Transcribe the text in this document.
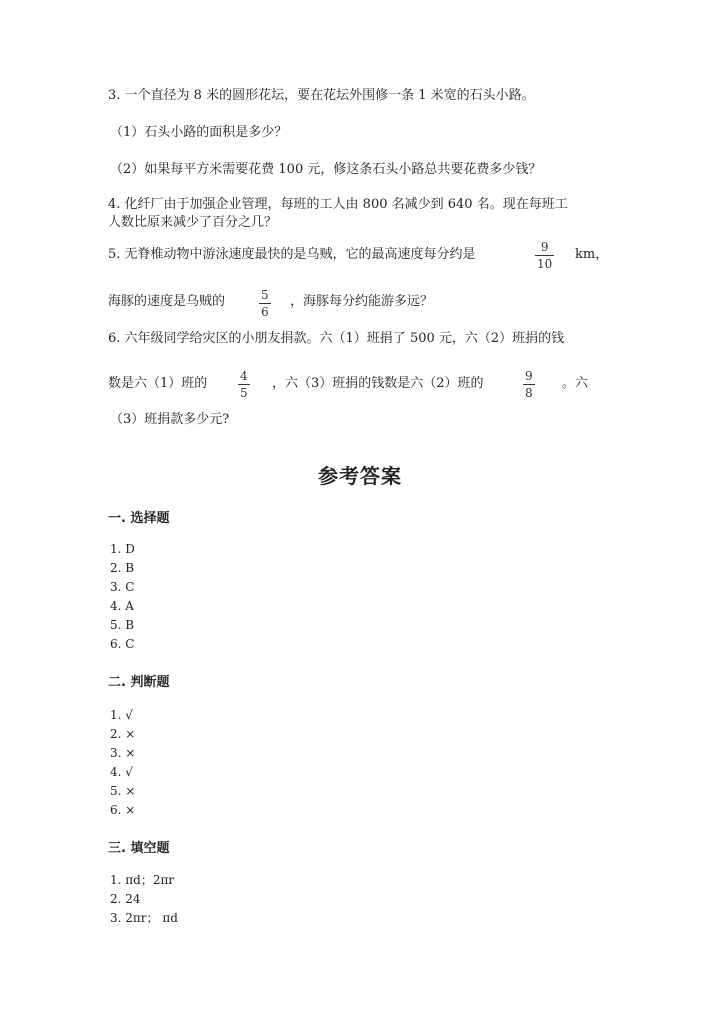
3. 一个直径为 8 米的圆形花坛，要在花坛外围修一条 1 米宽的石头小路。
（1）石头小路的面积是多少？
（2）如果每平方米需要花费 100 元，修这条石头小路总共要花费多少钱？
4. 化纤厂由于加强企业管理，每班的工人由 800 名减少到 640 名。现在每班工
人数比原来减少了百分之几？
5. 无脊椎动物中游泳速度最快的是乌贼，它的最高速度每分约是	9
10
km，
海豚的速度是乌贼的	5
6
，海豚每分约能游多远？
6. 六年级同学给灾区的小朋友捐款。六（1）班捐了 500 元，六（2）班捐的钱
数是六（1）班的	4
5
，六（3）班捐的钱数是六（2）班的	9
8
。六
（3）班捐款多少元?
参考答案
一. 选择题
1. D
2. B
3. C
4. A
5. B
6. C
二. 判断题
1. √
2. ×
3. ×
4. √
5. ×
6. ×
三. 填空题
1. πd；2πr
2. 24
3. 2πr； πd
